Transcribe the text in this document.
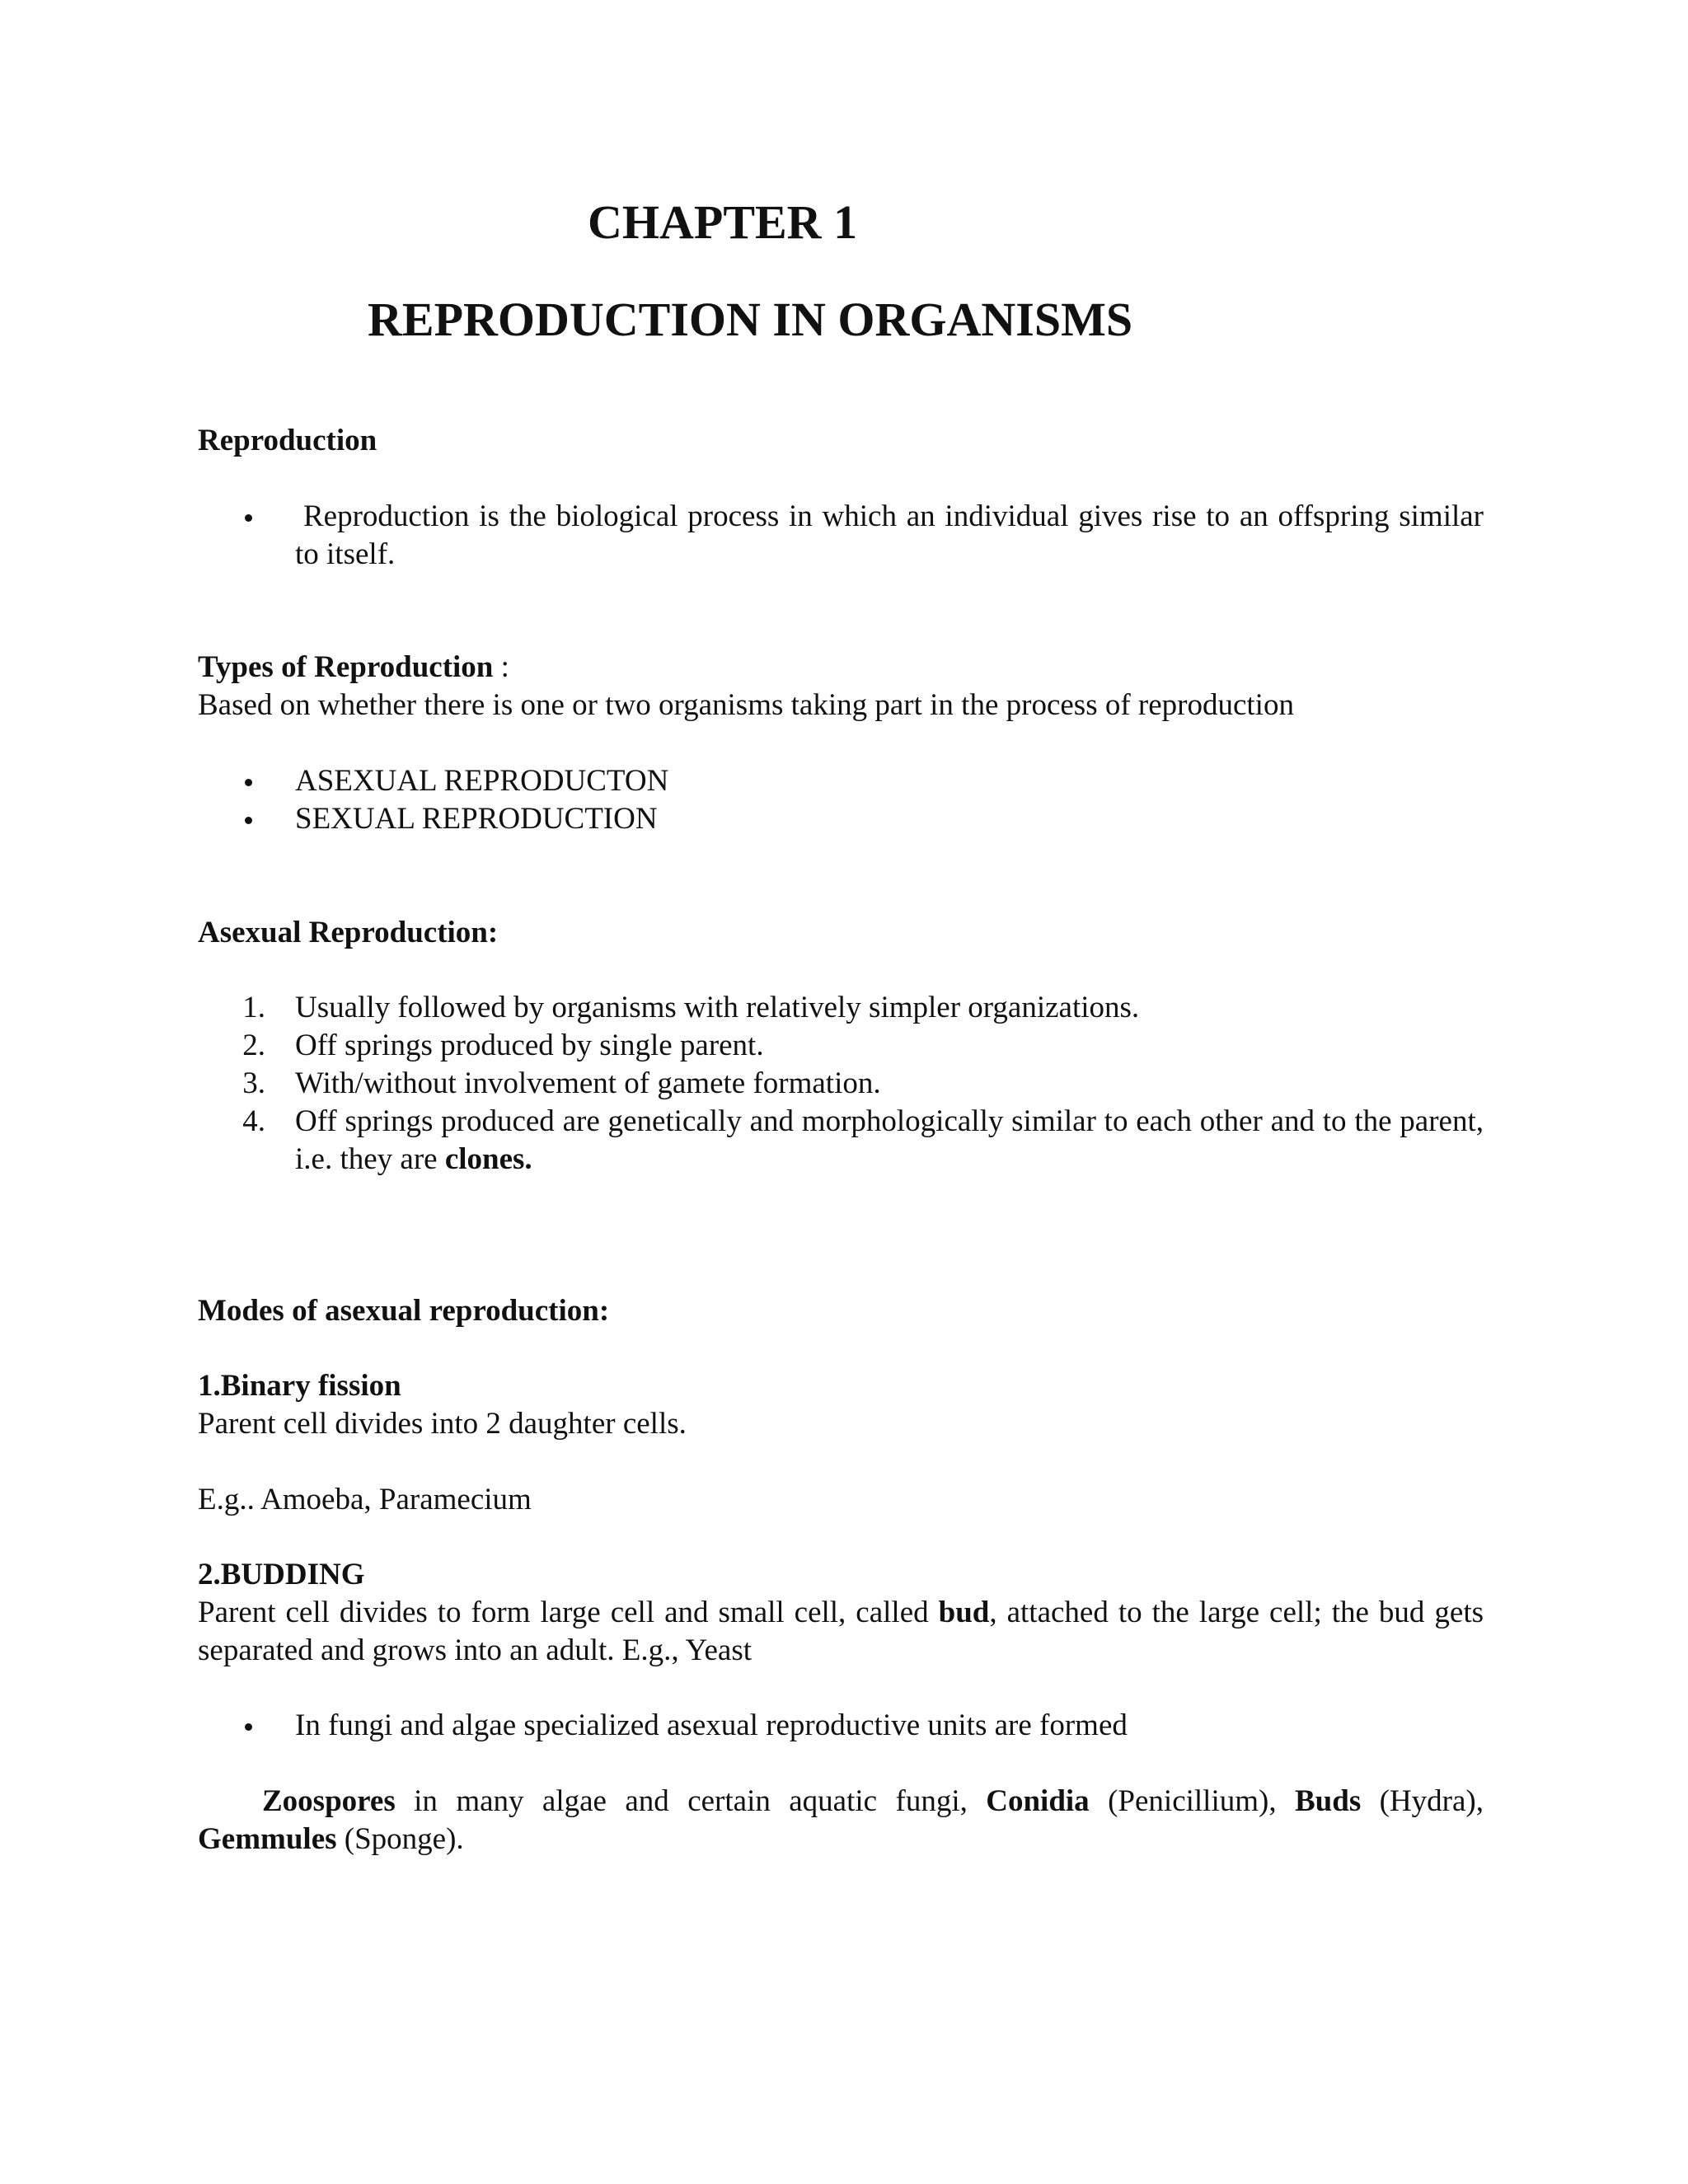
CHAPTER 1
REPRODUCTION IN ORGANISMS
Reproduction
Reproduction is the biological process in which an individual gives rise to an offspring similar to itself.
Types of Reproduction :
Based on whether there is one or two organisms taking part in the process of reproduction
ASEXUAL REPRODUCTON
SEXUAL REPRODUCTION
Asexual Reproduction:
1. Usually followed by organisms with relatively simpler organizations.
2. Off springs produced by single parent.
3. With/without involvement of gamete formation.
4. Off springs produced are genetically and morphologically similar to each other and to the parent, i.e. they are clones.
Modes of asexual reproduction:
1.Binary fission
Parent cell divides into 2 daughter cells.
E.g.. Amoeba, Paramecium
2.BUDDING
Parent cell divides to form large cell and small cell, called bud, attached to the large cell; the bud gets separated and grows into an adult. E.g., Yeast
In fungi and algae specialized asexual reproductive units are formed
Zoospores in many algae and certain aquatic fungi, Conidia (Penicillium), Buds (Hydra), Gemmules (Sponge).
